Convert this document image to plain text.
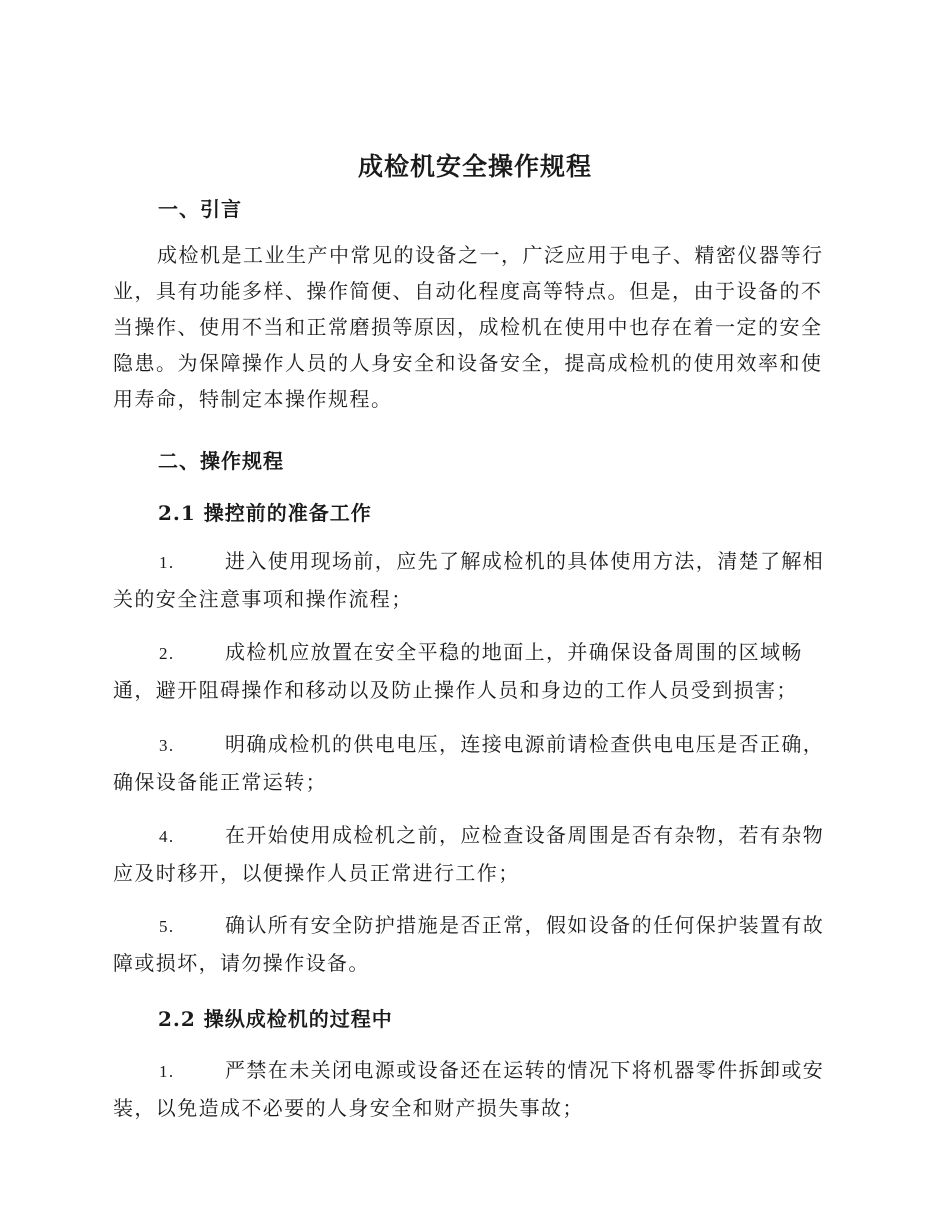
成检机安全操作规程
一、引言
成检机是工业生产中常见的设备之一，广泛应用于电子、精密仪器等行业，具有功能多样、操作简便、自动化程度高等特点。但是，由于设备的不当操作、使用不当和正常磨损等原因，成检机在使用中也存在着一定的安全隐患。为保障操作人员的人身安全和设备安全，提高成检机的使用效率和使用寿命，特制定本操作规程。
二、操作规程
2.1 操控前的准备工作
1.	进入使用现场前，应先了解成检机的具体使用方法，清楚了解相关的安全注意事项和操作流程；
2.	成检机应放置在安全平稳的地面上，并确保设备周围的区域畅通，避开阻碍操作和移动以及防止操作人员和身边的工作人员受到损害；
3.	明确成检机的供电电压，连接电源前请检查供电电压是否正确，确保设备能正常运转；
4.	在开始使用成检机之前，应检查设备周围是否有杂物，若有杂物应及时移开，以便操作人员正常进行工作；
5.	确认所有安全防护措施是否正常，假如设备的任何保护装置有故障或损坏，请勿操作设备。
2.2 操纵成检机的过程中
1.	严禁在未关闭电源或设备还在运转的情况下将机器零件拆卸或安装，以免造成不必要的人身安全和财产损失事故；
